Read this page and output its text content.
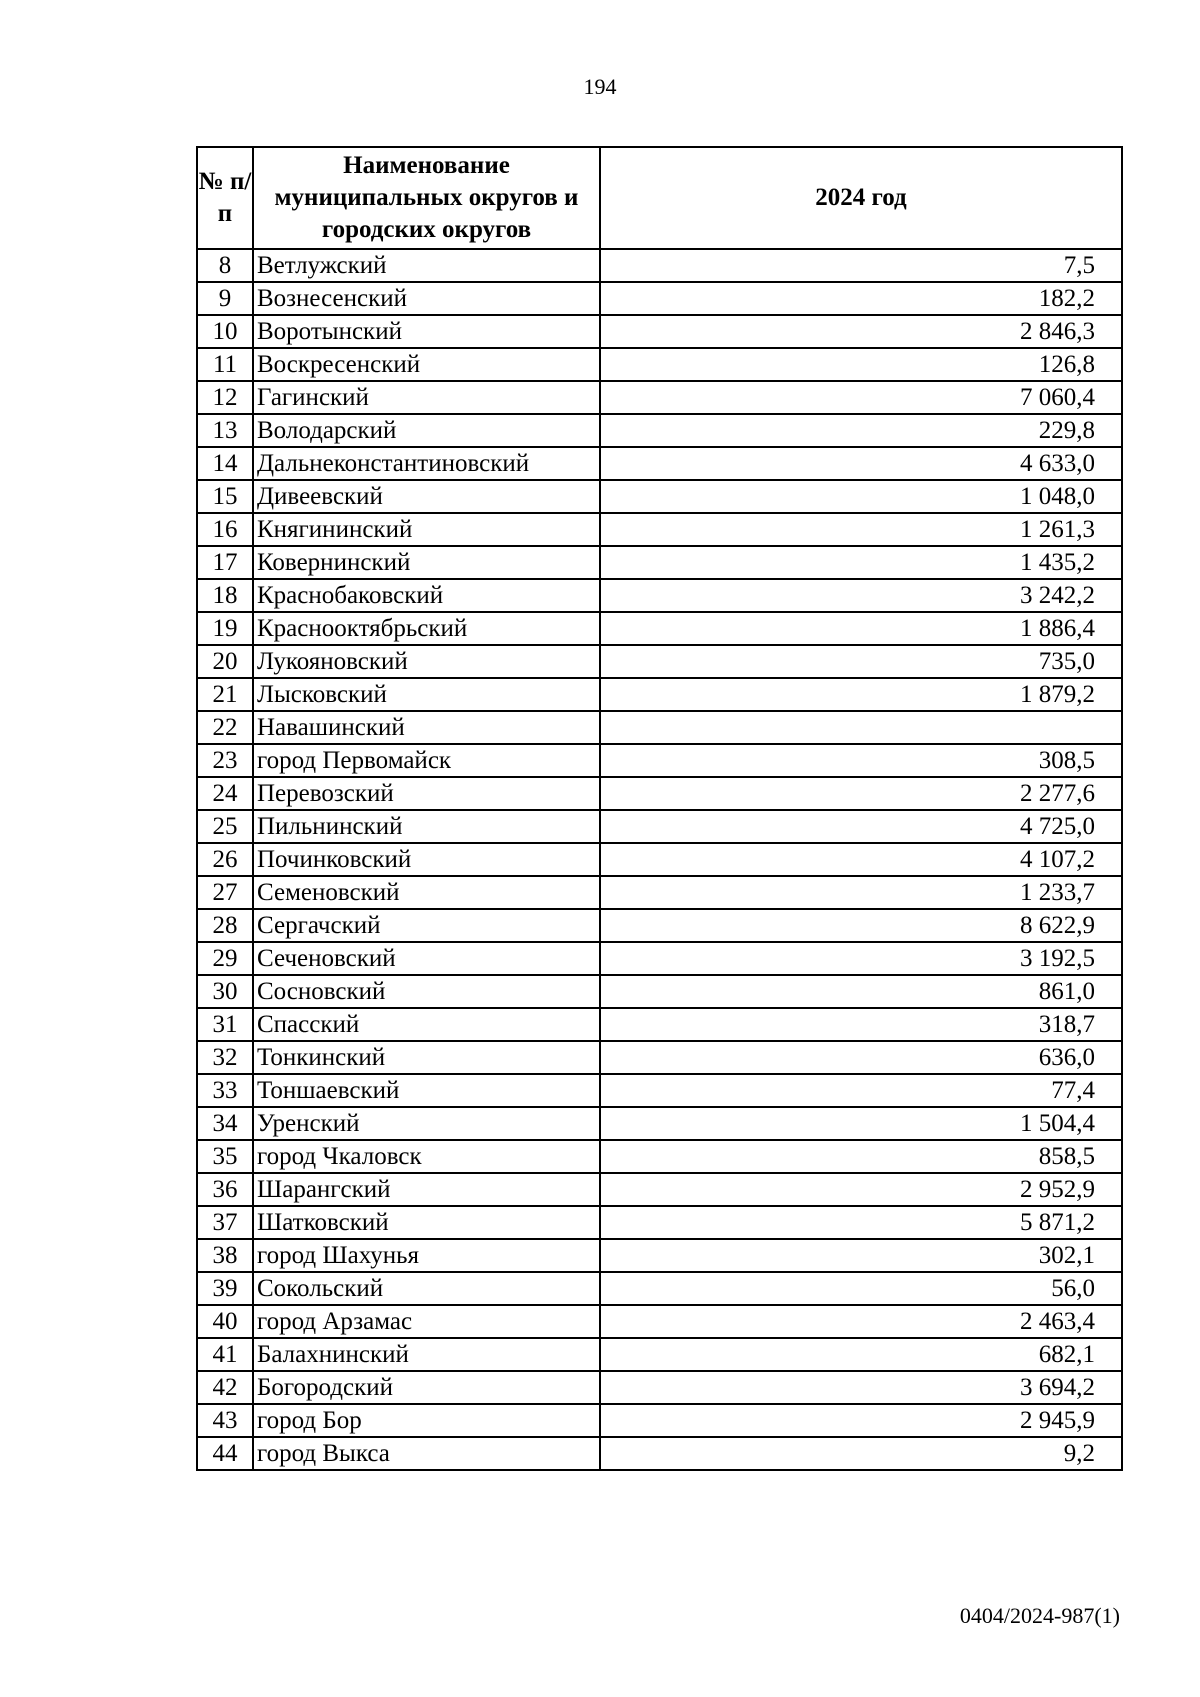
194
№ п/п	Наименование муниципальных округов и городских округов	2024 год
8	Ветлужский	7,5
9	Вознесенский	182,2
10	Воротынский	2 846,3
11	Воскресенский	126,8
12	Гагинский	7 060,4
13	Володарский	229,8
14	Дальнеконстантиновский	4 633,0
15	Дивеевский	1 048,0
16	Княгининский	1 261,3
17	Ковернинский	1 435,2
18	Краснобаковский	3 242,2
19	Краснооктябрьский	1 886,4
20	Лукояновский	735,0
21	Лысковский	1 879,2
22	Навашинский	
23	город Первомайск	308,5
24	Перевозский	2 277,6
25	Пильнинский	4 725,0
26	Починковский	4 107,2
27	Семеновский	1 233,7
28	Сергачский	8 622,9
29	Сеченовский	3 192,5
30	Сосновский	861,0
31	Спасский	318,7
32	Тонкинский	636,0
33	Тоншаевский	77,4
34	Уренский	1 504,4
35	город Чкаловск	858,5
36	Шарангский	2 952,9
37	Шатковский	5 871,2
38	город Шахунья	302,1
39	Сокольский	56,0
40	город Арзамас	2 463,4
41	Балахнинский	682,1
42	Богородский	3 694,2
43	город Бор	2 945,9
44	город Выкса	9,2
0404/2024-987(1)
